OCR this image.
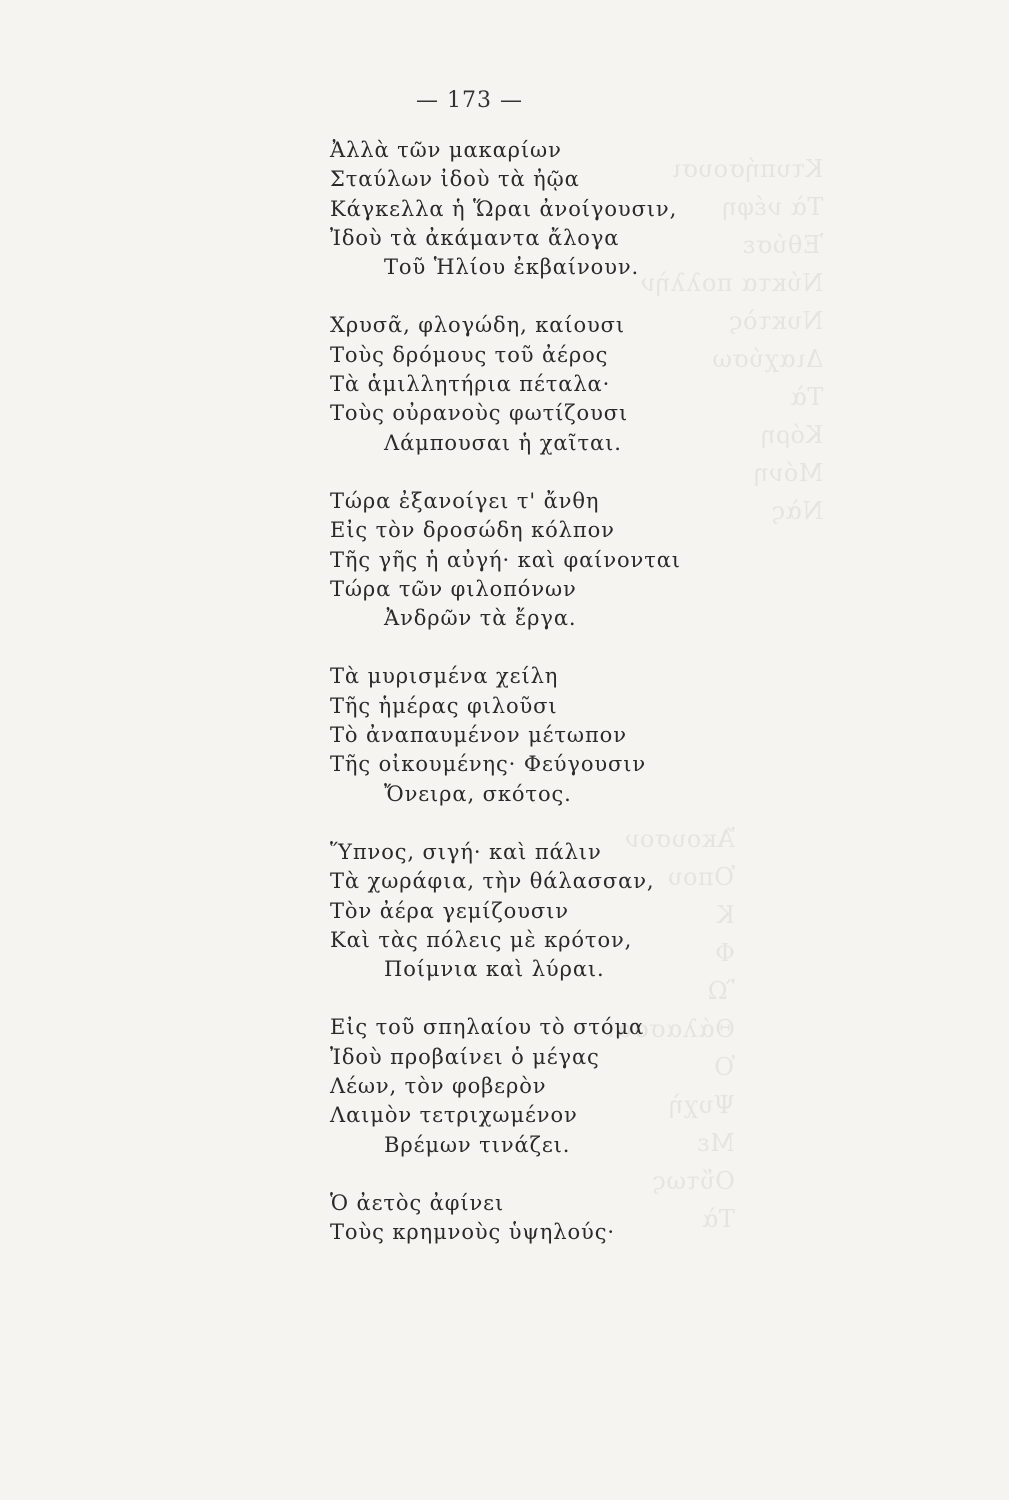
Κτυπήσουσι
Τὰ νέφη
Ἐθύσε
Νύκτα πολλὴν
Νυκτὸς
Διαχύσω
Τὰ
Κόρη
Μόνη
Νὰς
Ἄκουσον
Ὁπου
Κ
Φ
Ὢ
Θάλασσαν
Ὁ
Ψυχὴ
Με
Οὕτως
Τὰ
— 173 —
Ἀλλὰ τῶν μακαρίων
Σταύλων ἰδοὺ τὰ ἠῷα
Κάγκελλα ἡ Ὥραι ἀνοίγουσιν,
Ἰδοὺ τὰ ἀκάμαντα ἄλογα
Τοῦ Ἡλίου ἐκβαίνουν.
Χρυσᾶ, φλογώδη, καίουσι
Τοὺς δρόμους τοῦ ἀέρος
Τὰ ἁμιλλητήρια πέταλα·
Τοὺς οὐρανοὺς φωτίζουσι
Λάμπουσαι ἡ χαῖται.
Τώρα ἐξανοίγει τ' ἄνθη
Εἰς τὸν δροσώδη κόλπον
Τῆς γῆς ἡ αὐγή· καὶ φαίνονται
Τώρα τῶν φιλοπόνων
Ἀνδρῶν τὰ ἔργα.
Τὰ μυρισμένα χείλη
Τῆς ἡμέρας φιλοῦσι
Τὸ ἀναπαυμένον μέτωπον
Τῆς οἰκουμένης· Φεύγουσιν
Ὄνειρα, σκότος.
Ὕπνος, σιγή· καὶ πάλιν
Τὰ χωράφια, τὴν θάλασσαν,
Τὸν ἀέρα γεμίζουσιν
Καὶ τὰς πόλεις μὲ κρότον,
Ποίμνια καὶ λύραι.
Εἰς τοῦ σπηλαίου τὸ στόμα
Ἰδοὺ προβαίνει ὁ μέγας
Λέων, τὸν φοβερὸν
Λαιμὸν τετριχωμένον
Βρέμων τινάζει.
Ὁ ἀετὸς ἀφίνει
Τοὺς κρημνοὺς ὑψηλούς·
